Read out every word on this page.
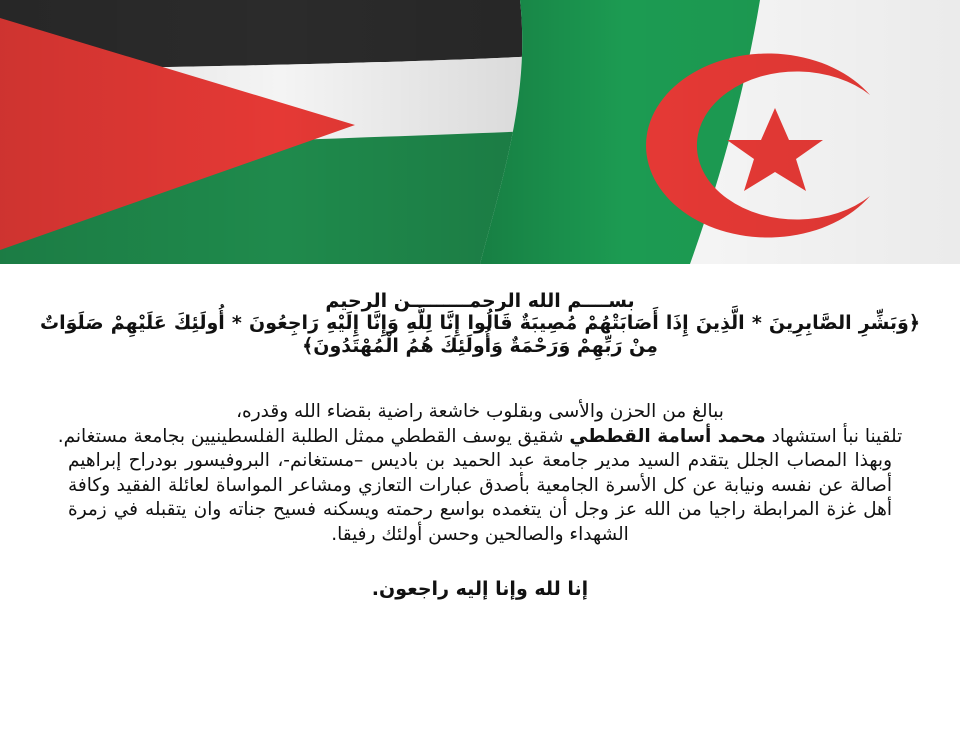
بســــم الله الرحمـــــــــن الرحيم

﴿وَبَشِّرِ الصَّابِرِينَ * الَّذِينَ إِذَا أَصَابَتْهُمْ مُصِيبَةٌ قَالُوا إِنَّا لِلَّهِ وَإِنَّا إِلَيْهِ رَاجِعُونَ * أُولَئِكَ عَلَيْهِمْ صَلَوَاتٌ مِنْ رَبِّهِمْ وَرَحْمَةٌ وَأُولَئِكَ هُمُ الْمُهْتَدُونَ﴾

ببالغ من الحزن والأسى وبقلوب خاشعة راضية بقضاء الله وقدره،

تلقينا نبأ استشهاد محمد أسامة القططي شقيق يوسف القططي ممثل الطلبة الفلسطينيين بجامعة مستغانم.

وبهذا المصاب الجلل يتقدم السيد مدير جامعة عبد الحميد بن باديس –مستغانم-، البروفيسور بودراح إبراهيم أصالة عن نفسه ونيابة عن كل الأسرة الجامعية بأصدق عبارات التعازي ومشاعر المواساة لعائلة الفقيد وكافة أهل غزة المرابطة راجيا من الله عز وجل أن يتغمده بواسع رحمته ويسكنه فسيح جناته وان يتقبله في زمرة الشهداء والصالحين وحسن أولئك رفيقا.

إنا لله وإنا إليه راجعون.
